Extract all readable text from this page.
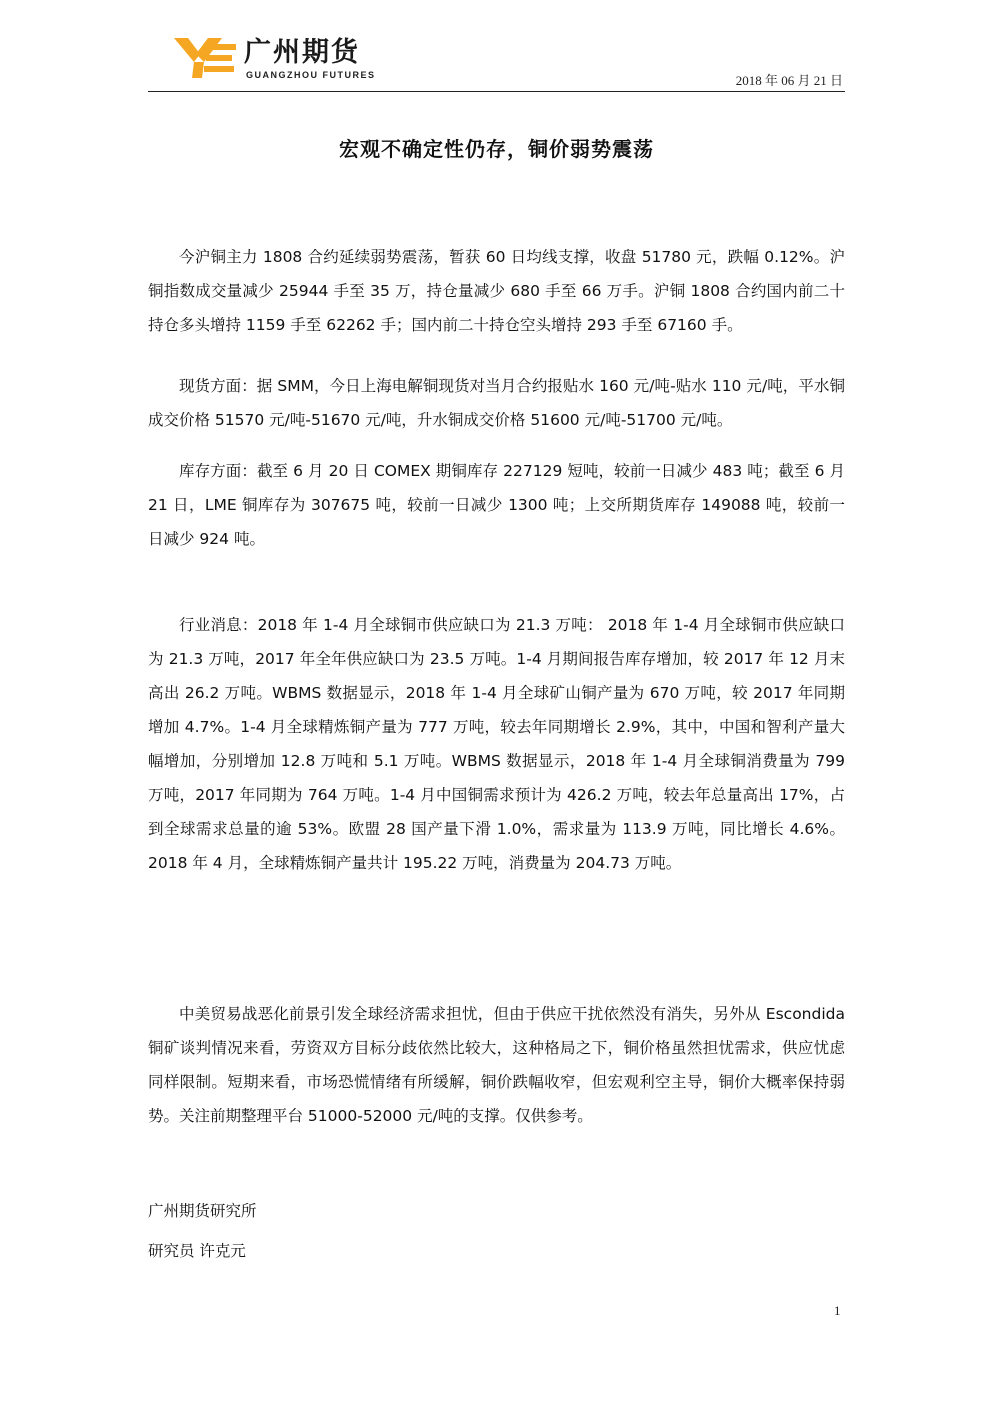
广州期货
GUANGZHOU FUTURES	2018 年 06 月 21 日
宏观不确定性仍存，铜价弱势震荡

今沪铜主力 1808 合约延续弱势震荡，暂获 60 日均线支撑，收盘 51780 元，跌幅 0.12%。沪铜指数成交量减少 25944 手至 35 万，持仓量减少 680 手至 66 万手。沪铜 1808 合约国内前二十持仓多头增持 1159 手至 62262 手；国内前二十持仓空头增持 293 手至 67160 手。

现货方面：据 SMM，今日上海电解铜现货对当月合约报贴水 160 元/吨-贴水 110 元/吨，平水铜成交价格 51570 元/吨-51670 元/吨，升水铜成交价格 51600 元/吨-51700 元/吨。

库存方面：截至 6 月 20 日 COMEX 期铜库存 227129 短吨，较前一日减少 483 吨；截至 6 月 21 日，LME 铜库存为 307675 吨，较前一日减少 1300 吨；上交所期货库存 149088 吨，较前一日减少 924 吨。

行业消息：2018 年 1-4 月全球铜市供应缺口为 21.3 万吨： 2018 年 1-4 月全球铜市供应缺口为 21.3 万吨，2017 年全年供应缺口为 23.5 万吨。1-4 月期间报告库存增加，较 2017 年 12 月末高出 26.2 万吨。WBMS 数据显示，2018 年 1-4 月全球矿山铜产量为 670 万吨，较 2017 年同期增加 4.7%。1-4 月全球精炼铜产量为 777 万吨，较去年同期增长 2.9%，其中，中国和智利产量大幅增加，分别增加 12.8 万吨和 5.1 万吨。WBMS 数据显示，2018 年 1-4 月全球铜消费量为 799 万吨，2017 年同期为 764 万吨。1-4 月中国铜需求预计为 426.2 万吨，较去年总量高出 17%，占到全球需求总量的逾 53%。欧盟 28 国产量下滑 1.0%，需求量为 113.9 万吨，同比增长 4.6%。2018 年 4 月，全球精炼铜产量共计 195.22 万吨，消费量为 204.73 万吨。

中美贸易战恶化前景引发全球经济需求担忧，但由于供应干扰依然没有消失，另外从 Escondida 铜矿谈判情况来看，劳资双方目标分歧依然比较大，这种格局之下，铜价格虽然担忧需求，供应忧虑同样限制。短期来看，市场恐慌情绪有所缓解，铜价跌幅收窄，但宏观利空主导，铜价大概率保持弱势。关注前期整理平台 51000-52000 元/吨的支撑。仅供参考。

广州期货研究所
研究员 许克元
1
